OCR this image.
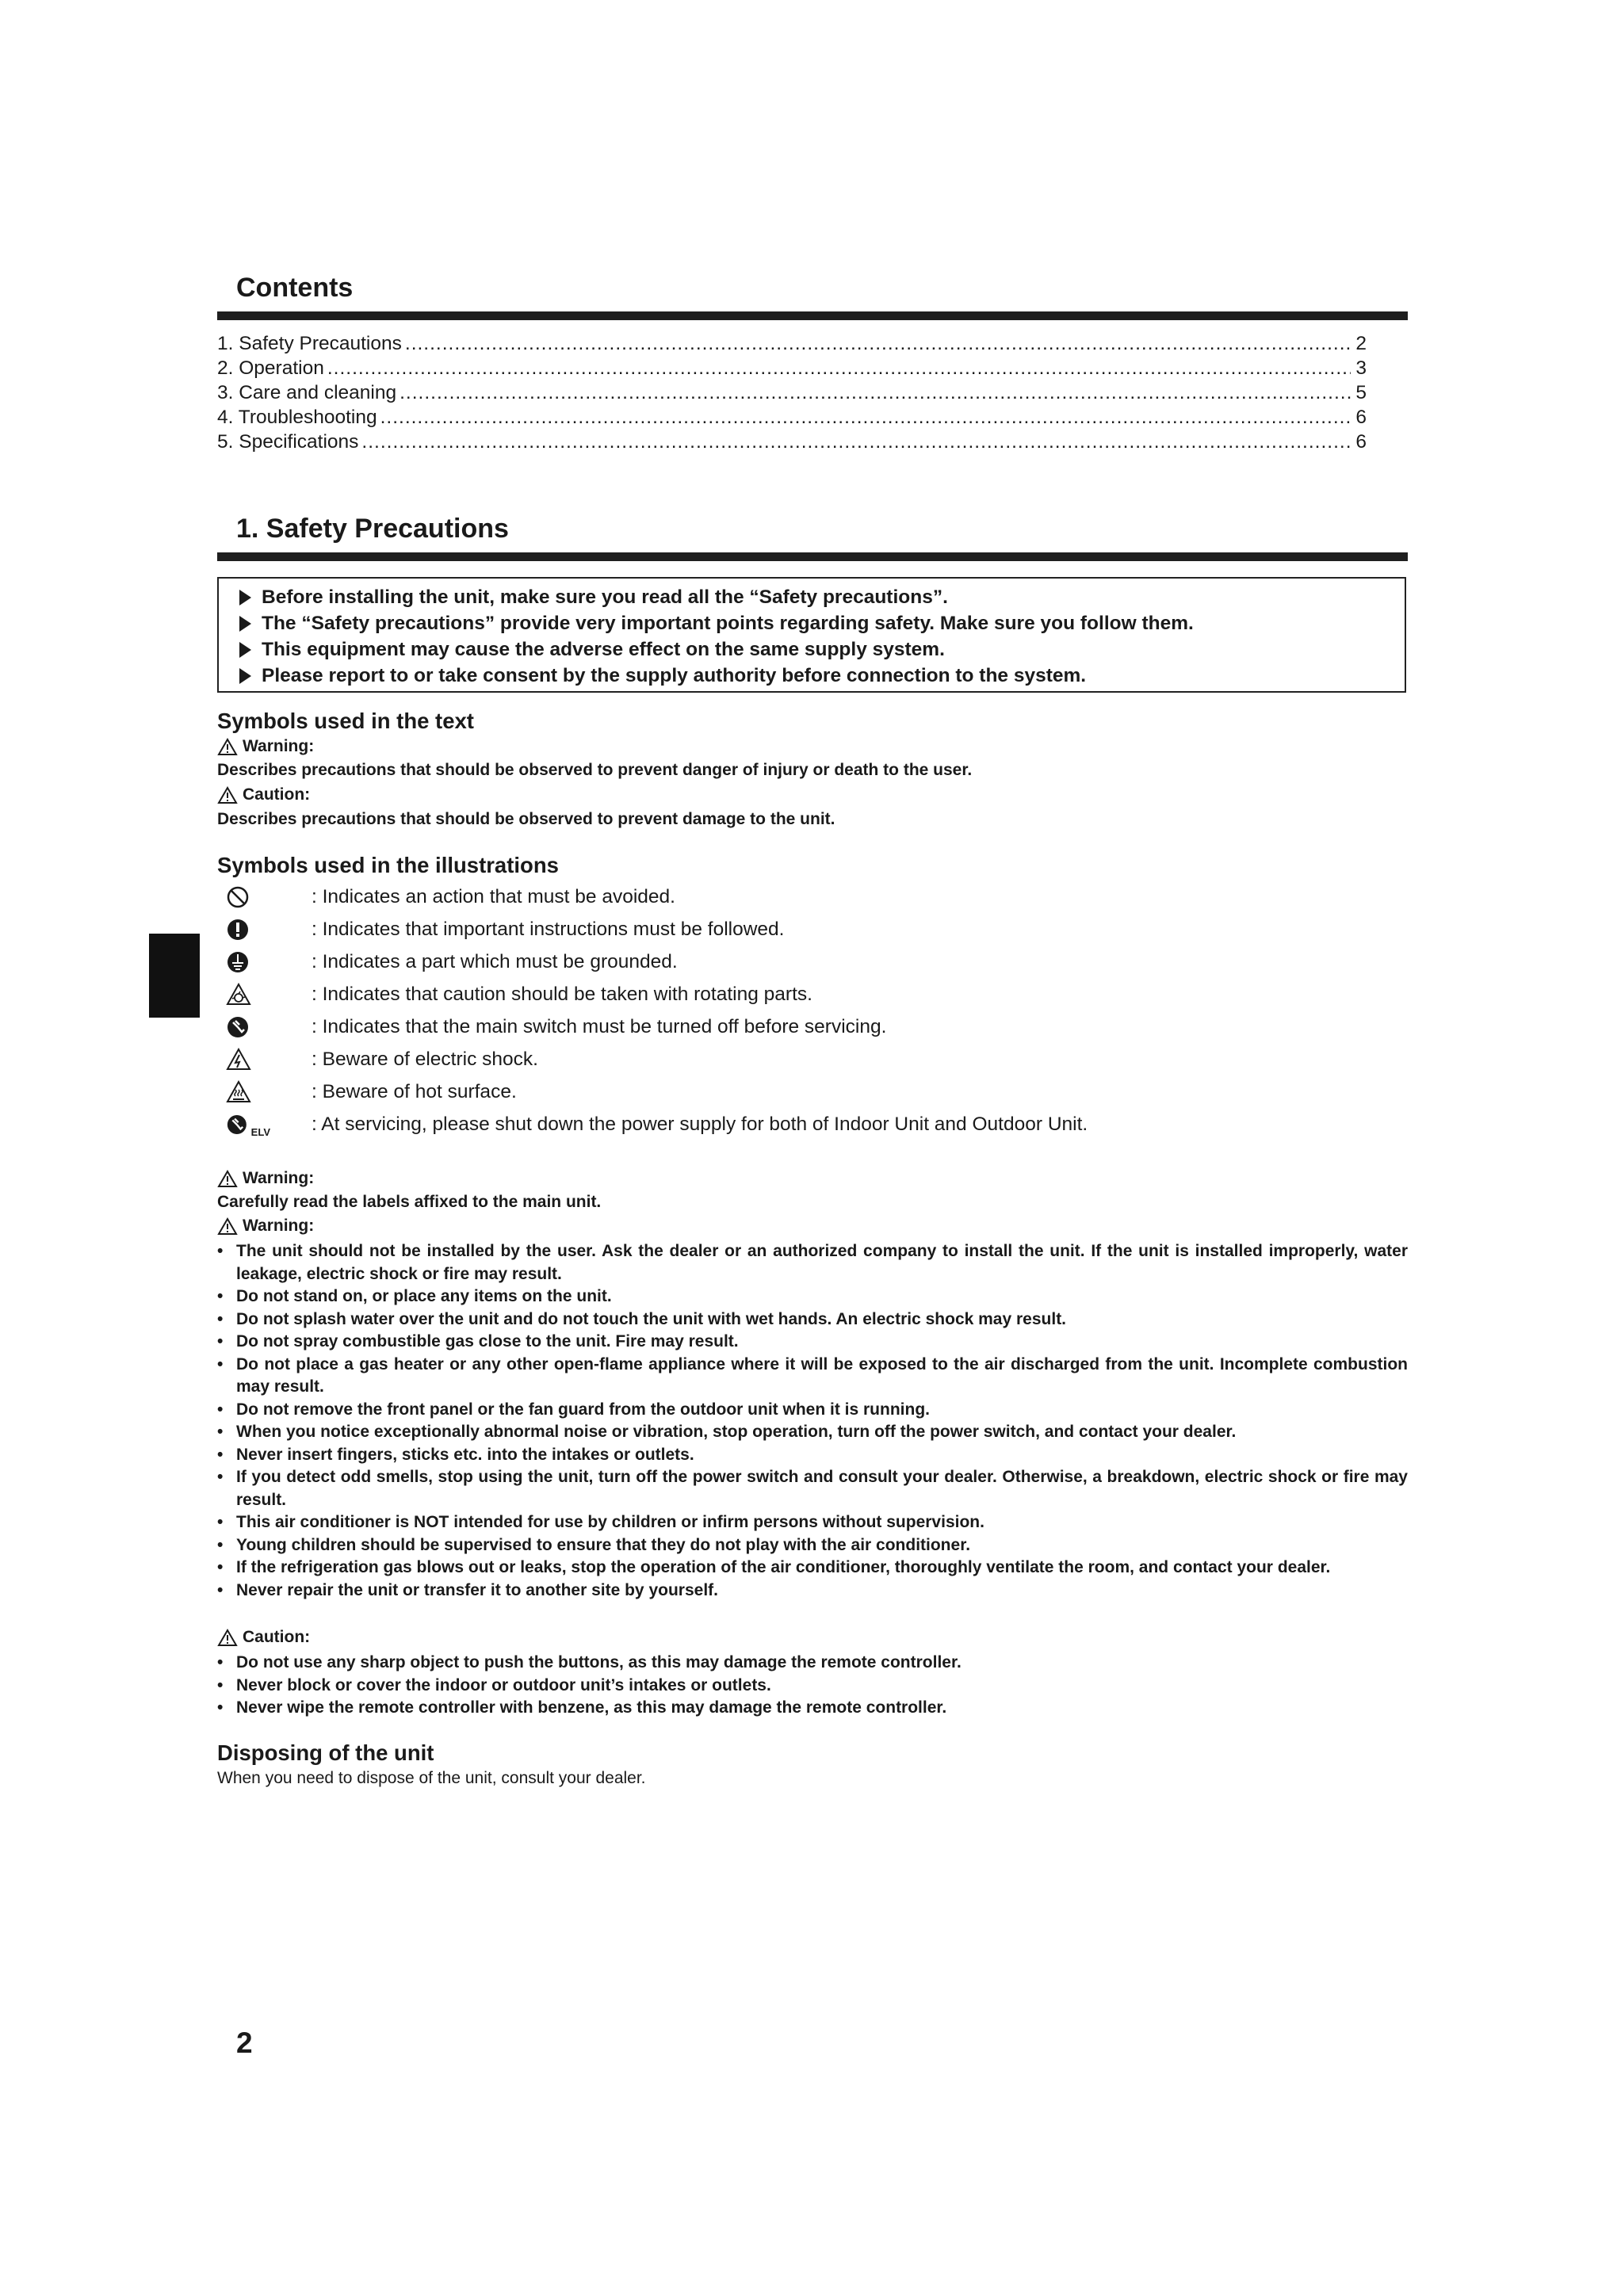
Contents
1. Safety Precautions .....	2
2. Operation .....	3
3. Care and cleaning .....	5
4. Troubleshooting .....	6
5. Specifications .....	6
1. Safety Precautions
Before installing the unit, make sure you read all the “Safety precautions”.
The “Safety precautions” provide very important points regarding safety. Make sure you follow them.
This equipment may cause the adverse effect on the same supply system.
Please report to or take consent by the supply authority before connection to the system.
Symbols used in the text
Warning:
Describes precautions that should be observed to prevent danger of injury or death to the user.
Caution:
Describes precautions that should be observed to prevent damage to the unit.
Symbols used in the illustrations
: Indicates an action that must be avoided.
: Indicates that important instructions must be followed.
: Indicates a part which must be grounded.
: Indicates that caution should be taken with rotating parts.
: Indicates that the main switch must be turned off before servicing.
: Beware of electric shock.
: Beware of hot surface.
ELV : At servicing, please shut down the power supply for both of Indoor Unit and Outdoor Unit.
Warning:
Carefully read the labels affixed to the main unit.
Warning:
• The unit should not be installed by the user. Ask the dealer or an authorized company to install the unit. If the unit is installed improperly, water leakage, electric shock or fire may result.
• Do not stand on, or place any items on the unit.
• Do not splash water over the unit and do not touch the unit with wet hands. An electric shock may result.
• Do not spray combustible gas close to the unit. Fire may result.
• Do not place a gas heater or any other open-flame appliance where it will be exposed to the air discharged from the unit. Incomplete combustion may result.
• Do not remove the front panel or the fan guard from the outdoor unit when it is running.
• When you notice exceptionally abnormal noise or vibration, stop operation, turn off the power switch, and contact your dealer.
• Never insert fingers, sticks etc. into the intakes or outlets.
• If you detect odd smells, stop using the unit, turn off the power switch and consult your dealer. Otherwise, a breakdown, electric shock or fire may result.
• This air conditioner is NOT intended for use by children or infirm persons without supervision.
• Young children should be supervised to ensure that they do not play with the air conditioner.
• If the refrigeration gas blows out or leaks, stop the operation of the air conditioner, thoroughly ventilate the room, and contact your dealer.
• Never repair the unit or transfer it to another site by yourself.
Caution:
• Do not use any sharp object to push the buttons, as this may damage the remote controller.
• Never block or cover the indoor or outdoor unit’s intakes or outlets.
• Never wipe the remote controller with benzene, as this may damage the remote controller.
Disposing of the unit
When you need to dispose of the unit, consult your dealer.
2
